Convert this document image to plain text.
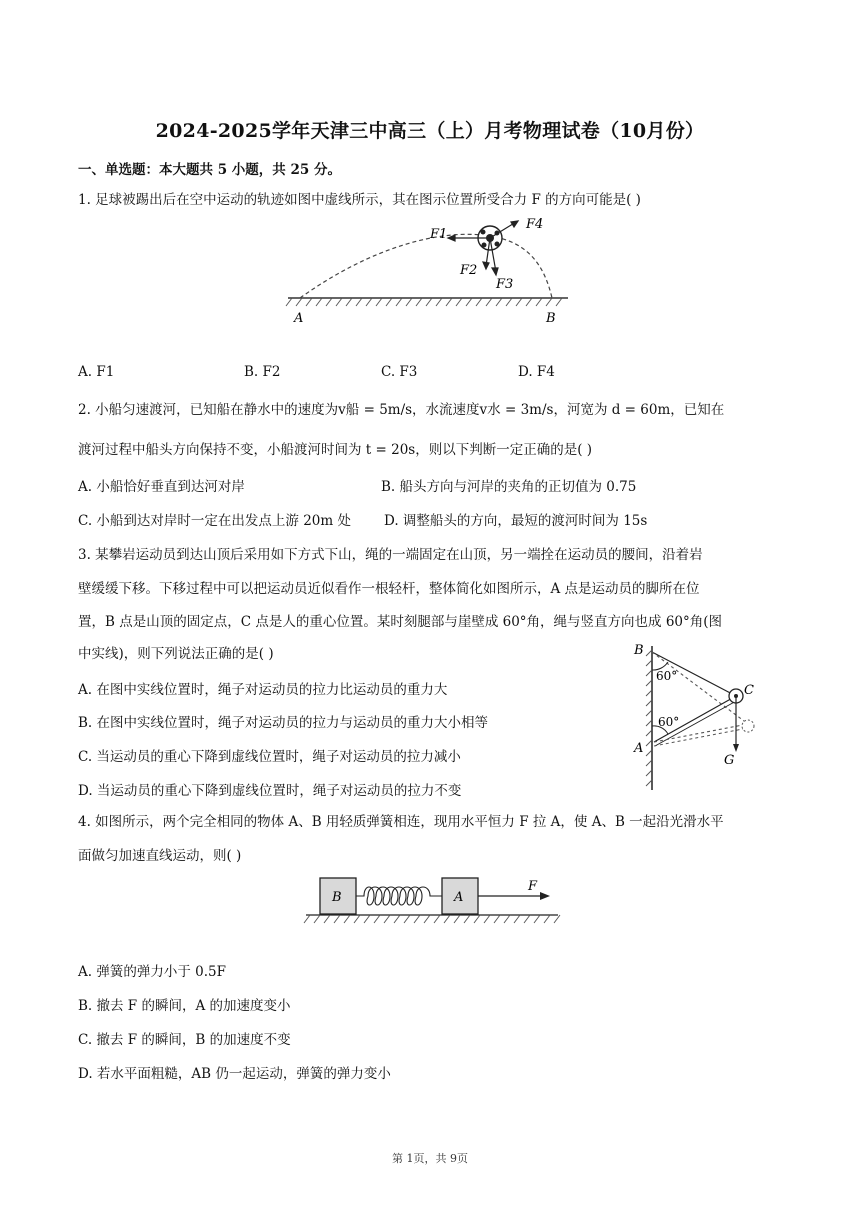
2024-2025学年天津三中高三（上）月考物理试卷（10月份）
一、单选题：本大题共 5 小题，共 25 分。
1. 足球被踢出后在空中运动的轨迹如图中虚线所示，其在图示位置所受合力 F 的方向可能是( )
F1
F4
F2
F3
A	B
A. F1	B. F2	C. F3	D. F4
2. 小船匀速渡河，已知船在静水中的速度为v船 = 5m/s，水流速度v水 = 3m/s，河宽为 d = 60m，已知在
渡河过程中船头方向保持不变，小船渡河时间为 t = 20s，则以下判断一定正确的是( )
A. 小船恰好垂直到达河对岸	B. 船头方向与河岸的夹角的正切值为 0.75
C. 小船到达对岸时一定在出发点上游 20m 处 D. 调整船头的方向，最短的渡河时间为 15s
3. 某攀岩运动员到达山顶后采用如下方式下山，绳的一端固定在山顶，另一端拴在运动员的腰间，沿着岩
壁缓缓下移。下移过程中可以把运动员近似看作一根轻杆，整体简化如图所示，A 点是运动员的脚所在位
置，B 点是山顶的固定点，C 点是人的重心位置。某时刻腿部与崖壁成 60°角，绳与竖直方向也成 60°角(图
中实线)，则下列说法正确的是( )
A. 在图中实线位置时，绳子对运动员的拉力比运动员的重力大
B. 在图中实线位置时，绳子对运动员的拉力与运动员的重力大小相等
C. 当运动员的重心下降到虚线位置时，绳子对运动员的拉力减小
D. 当运动员的重心下降到虚线位置时，绳子对运动员的拉力不变
B
60°
C
60°
A
G
4. 如图所示，两个完全相同的物体 A、B 用轻质弹簧相连，现用水平恒力 F 拉 A，使 A、B 一起沿光滑水平
面做匀加速直线运动，则( )
B	A
F
A. 弹簧的弹力小于 0.5F
B. 撤去 F 的瞬间，A 的加速度变小
C. 撤去 F 的瞬间，B 的加速度不变
D. 若水平面粗糙，AB 仍一起运动，弹簧的弹力变小
第 1页，共 9页
